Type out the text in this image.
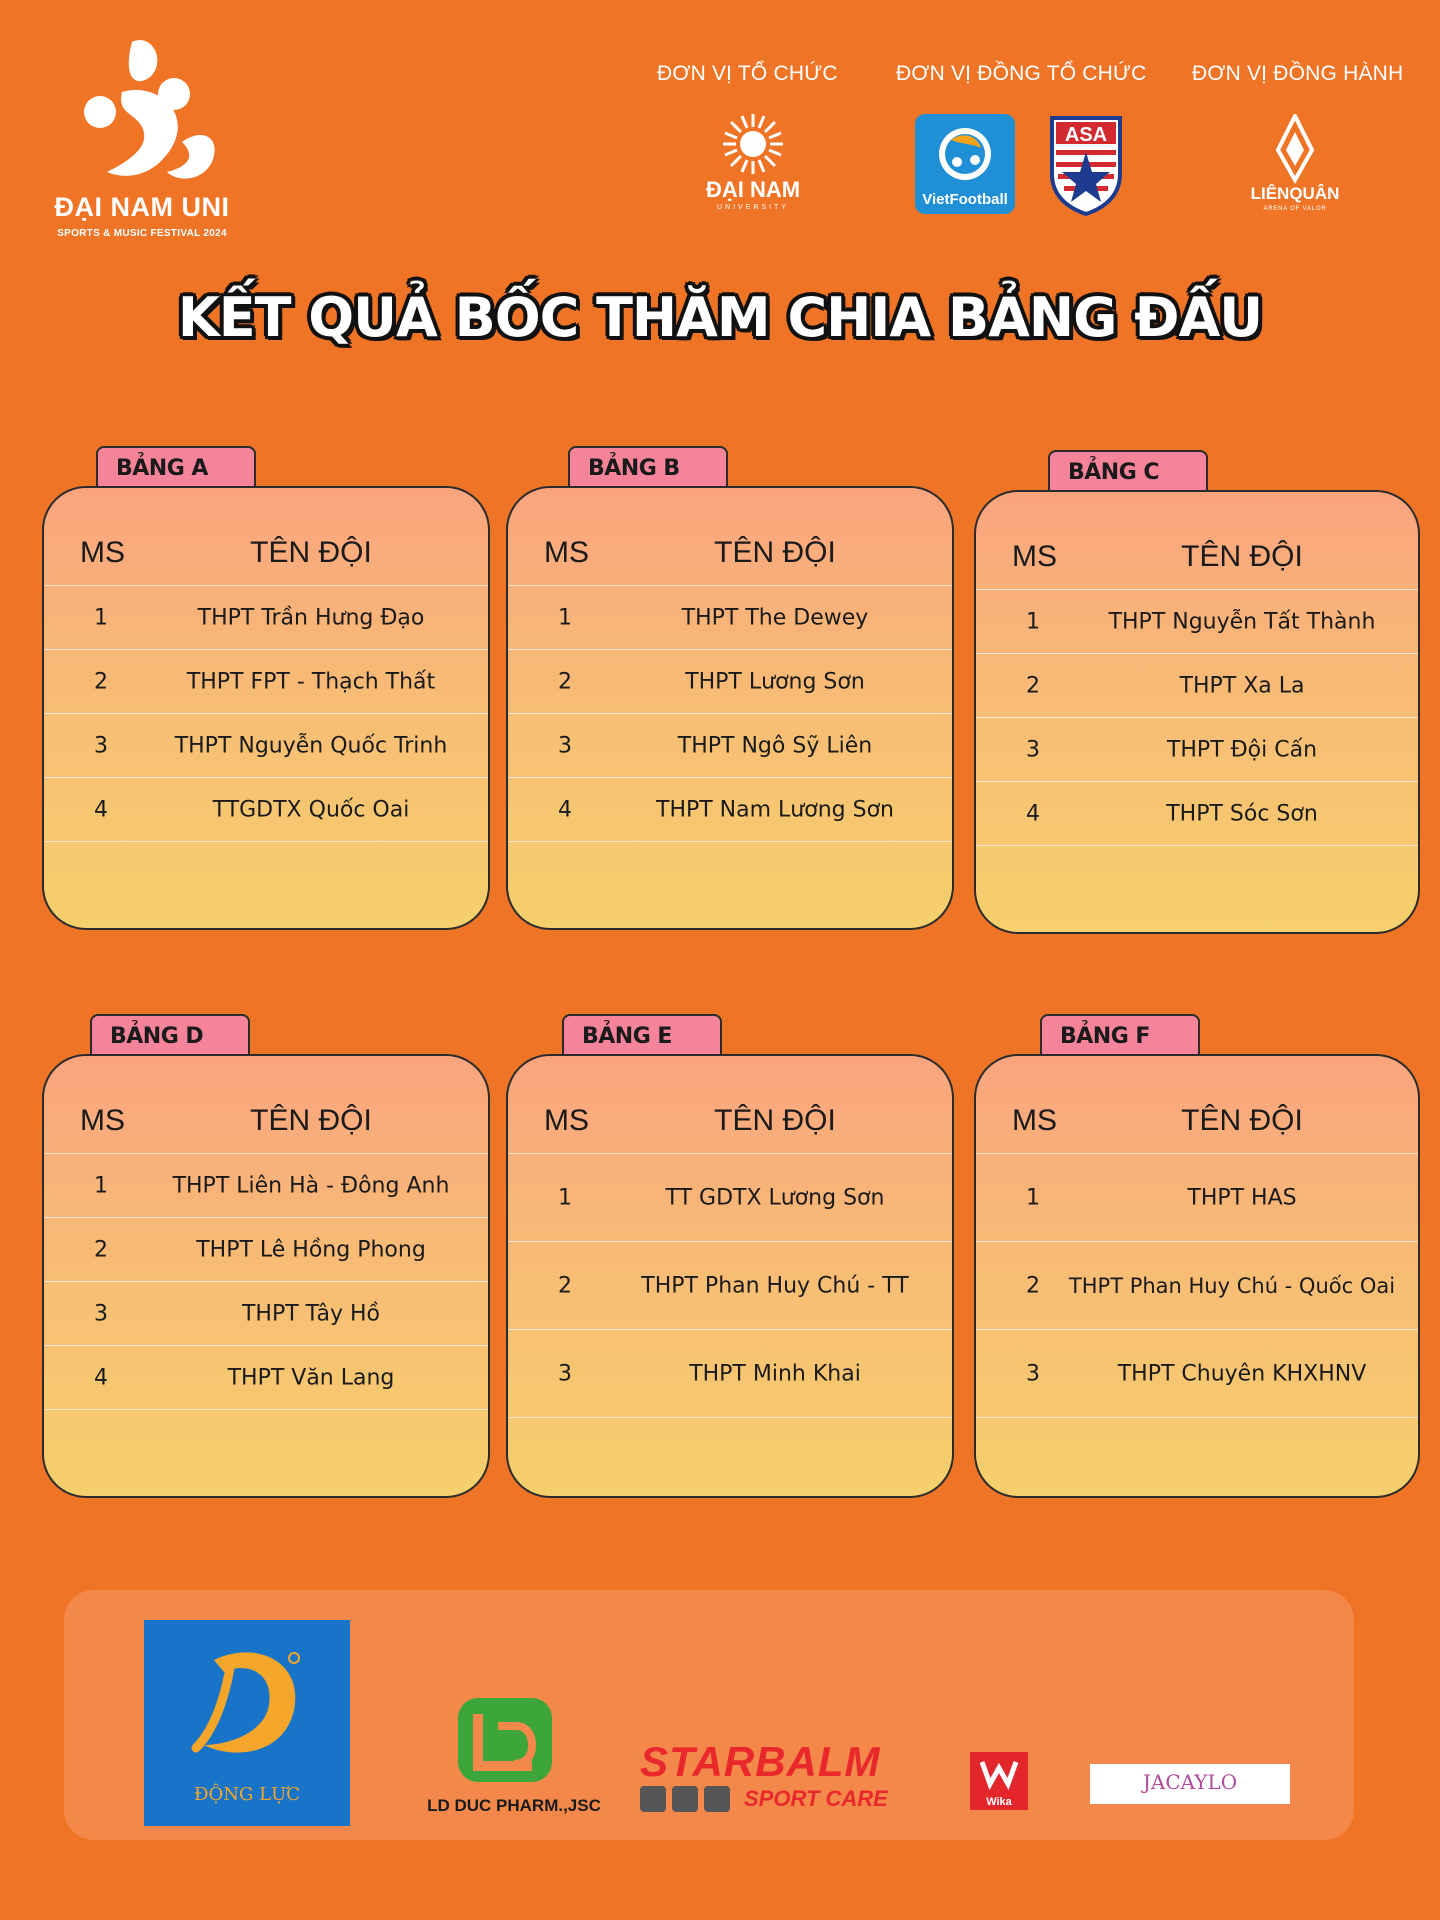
ĐẠI NAM UNI
SPORTS & MUSIC FESTIVAL 2024
ĐƠN VỊ TỔ CHỨC	ĐƠN VỊ ĐỒNG TỔ CHỨC ĐƠN VỊ ĐỒNG HÀNH
ĐẠI NAM
UNIVERSITY	VietFootball
ASA
LIÊNQUÂN
ARENA OF VALOR
KẾT QUẢ BỐC THĂM CHIA BẢNG ĐẤU
BẢNG A
MS	TÊN ĐỘI
1	THPT Trần Hưng Đạo
2	THPT FPT - Thạch Thất
3	THPT Nguyễn Quốc Trinh
4	TTGDTX Quốc Oai
BẢNG B
MS	TÊN ĐỘI
1	THPT The Dewey
2	THPT Lương Sơn
3	THPT Ngô Sỹ Liên
4	THPT Nam Lương Sơn
BẢNG C
MS	TÊN ĐỘI
1	THPT Nguyễn Tất Thành
2	THPT Xa La
3	THPT Đội Cấn
4	THPT Sóc Sơn
BẢNG D
MS	TÊN ĐỘI
1	THPT Liên Hà - Đông Anh
2	THPT Lê Hồng Phong
3	THPT Tây Hồ
4	THPT Văn Lang
BẢNG E
MS	TÊN ĐỘI
1	TT GDTX Lương Sơn
2	THPT Phan Huy Chú - TT
3	THPT Minh Khai
BẢNG F
MS	TÊN ĐỘI
1	THPT HAS
2	THPT Phan Huy Chú - Quốc Oai
3	THPT Chuyên KHXHNV
ĐỘNG LỰC
LD DUC PHARM.,JSC
STARBALM
SPORT CARE	Wika
JACAYLO
